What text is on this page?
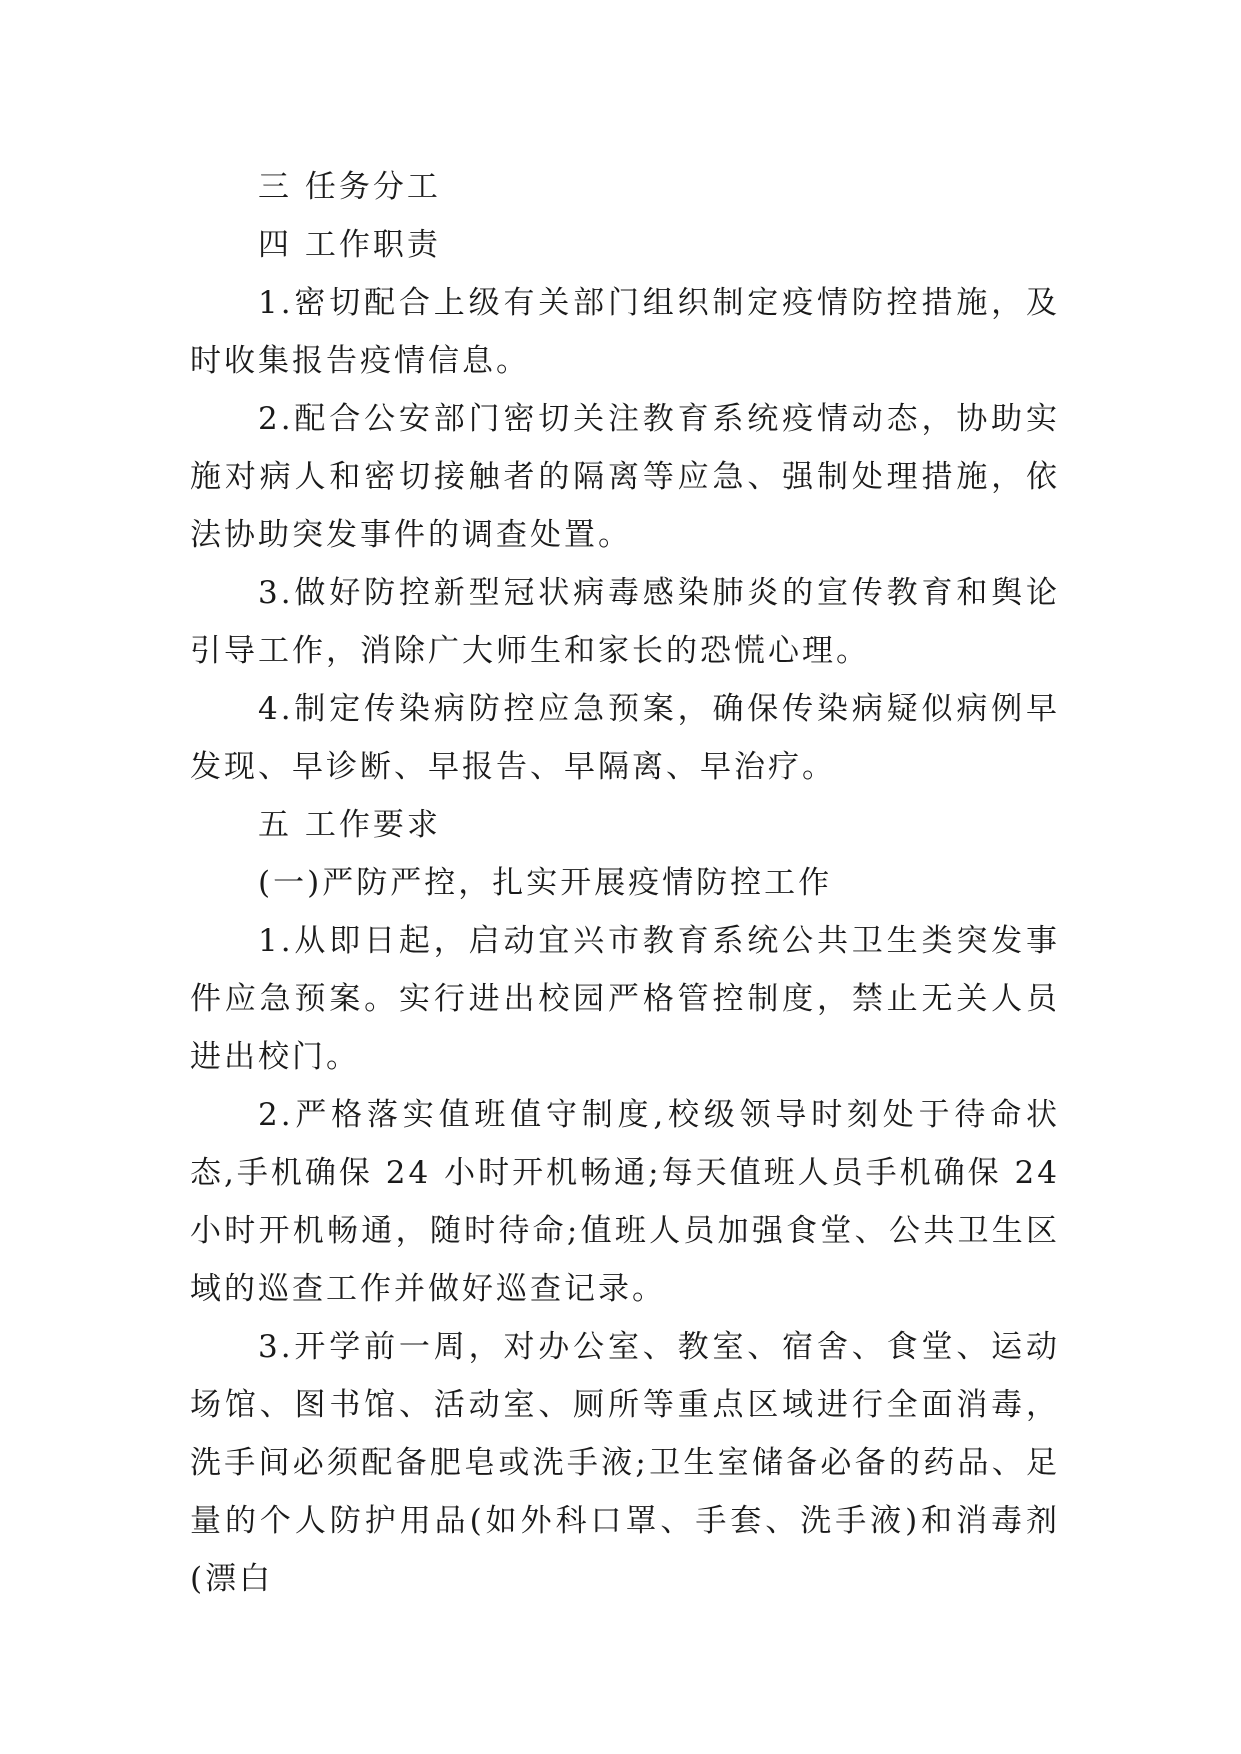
三 任务分工

四 工作职责

1.密切配合上级有关部门组织制定疫情防控措施，及时收集报告疫情信息。

2.配合公安部门密切关注教育系统疫情动态，协助实施对病人和密切接触者的隔离等应急、强制处理措施，依法协助突发事件的调查处置。

3.做好防控新型冠状病毒感染肺炎的宣传教育和舆论引导工作，消除广大师生和家长的恐慌心理。

4.制定传染病防控应急预案，确保传染病疑似病例早发现、早诊断、早报告、早隔离、早治疗。

五 工作要求

(一)严防严控，扎实开展疫情防控工作

1.从即日起，启动宜兴市教育系统公共卫生类突发事件应急预案。实行进出校园严格管控制度，禁止无关人员进出校门。

2.严格落实值班值守制度,校级领导时刻处于待命状态,手机确保 24 小时开机畅通;每天值班人员手机确保 24 小时开机畅通，随时待命;值班人员加强食堂、公共卫生区域的巡查工作并做好巡查记录。

3.开学前一周，对办公室、教室、宿舍、食堂、运动场馆、图书馆、活动室、厕所等重点区域进行全面消毒，洗手间必须配备肥皂或洗手液;卫生室储备必备的药品、足量的个人防护用品(如外科口罩、手套、洗手液)和消毒剂(漂白
